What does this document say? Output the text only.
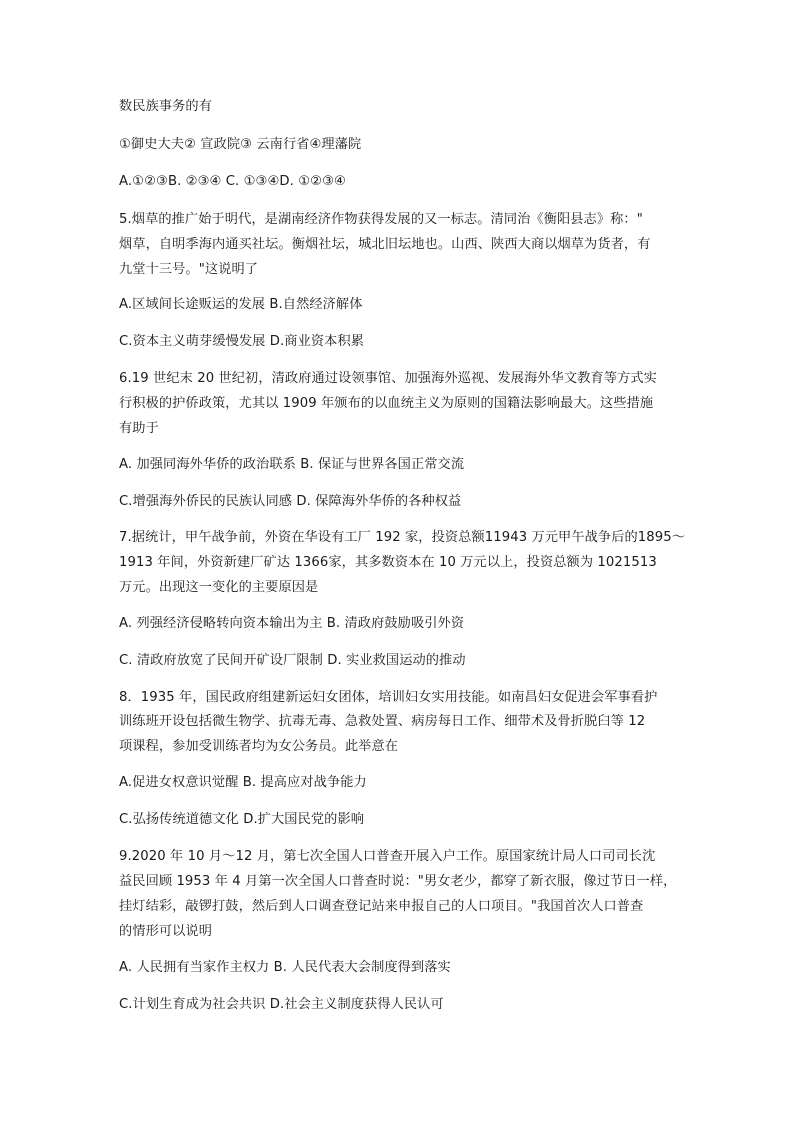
数民族事务的有
①御史大夫② 宣政院③ 云南行省④理藩院
A.①②③B. ②③④ C. ①③④D. ①②③④
5.烟草的推广始于明代，是湖南经济作物获得发展的又一标志。清同治《衡阳县志》称："
烟草，自明季海内通买社坛。衡烟社坛，城北旧坛地也。山西、陕西大商以烟草为货者，有
九堂十三号。"这说明了
A.区域间长途贩运的发展 B.自然经济解体
C.资本主义萌芽缓慢发展 D.商业资本积累
6.19 世纪末 20 世纪初，清政府通过设领事馆、加强海外巡视、发展海外华文教育等方式实
行积极的护侨政策，尤其以 1909 年颁布的以血统主义为原则的国籍法影响最大。这些措施
有助于
A. 加强同海外华侨的政治联系 B. 保证与世界各国正常交流
C.增强海外侨民的民族认同感 D. 保障海外华侨的各种权益
7.据统计，甲午战争前，外资在华设有工厂 192 家，投资总额11943 万元甲午战争后的1895～
1913 年间，外资新建厂矿达 1366家，其多数资本在 10 万元以上，投资总额为 1021513
万元。出现这一变化的主要原因是
A. 列强经济侵略转向资本输出为主 B. 清政府鼓励吸引外资
C. 清政府放宽了民间开矿设厂限制 D. 实业救国运动的推动
8．1935 年，国民政府组建新运妇女团体，培训妇女实用技能。如南昌妇女促进会军事看护
训练班开设包括微生物学、抗毒无毒、急救处置、病房每日工作、细带术及骨折脱臼等 12
项课程，参加受训练者均为女公务员。此举意在
A.促进女权意识觉醒 B. 提高应对战争能力
C.弘扬传统道德文化 D.扩大国民党的影响
9.2020 年 10 月～12 月，第七次全国人口普查开展入户工作。原国家统计局人口司司长沈
益民回顾 1953 年 4 月第一次全国人口普查时说："男女老少，都穿了新衣服，像过节日一样，
挂灯结彩，敲锣打鼓，然后到人口调查登记站来申报自己的人口项目。"我国首次人口普查
的情形可以说明
A. 人民拥有当家作主权力 B. 人民代表大会制度得到落实
C.计划生育成为社会共识 D.社会主义制度获得人民认可
